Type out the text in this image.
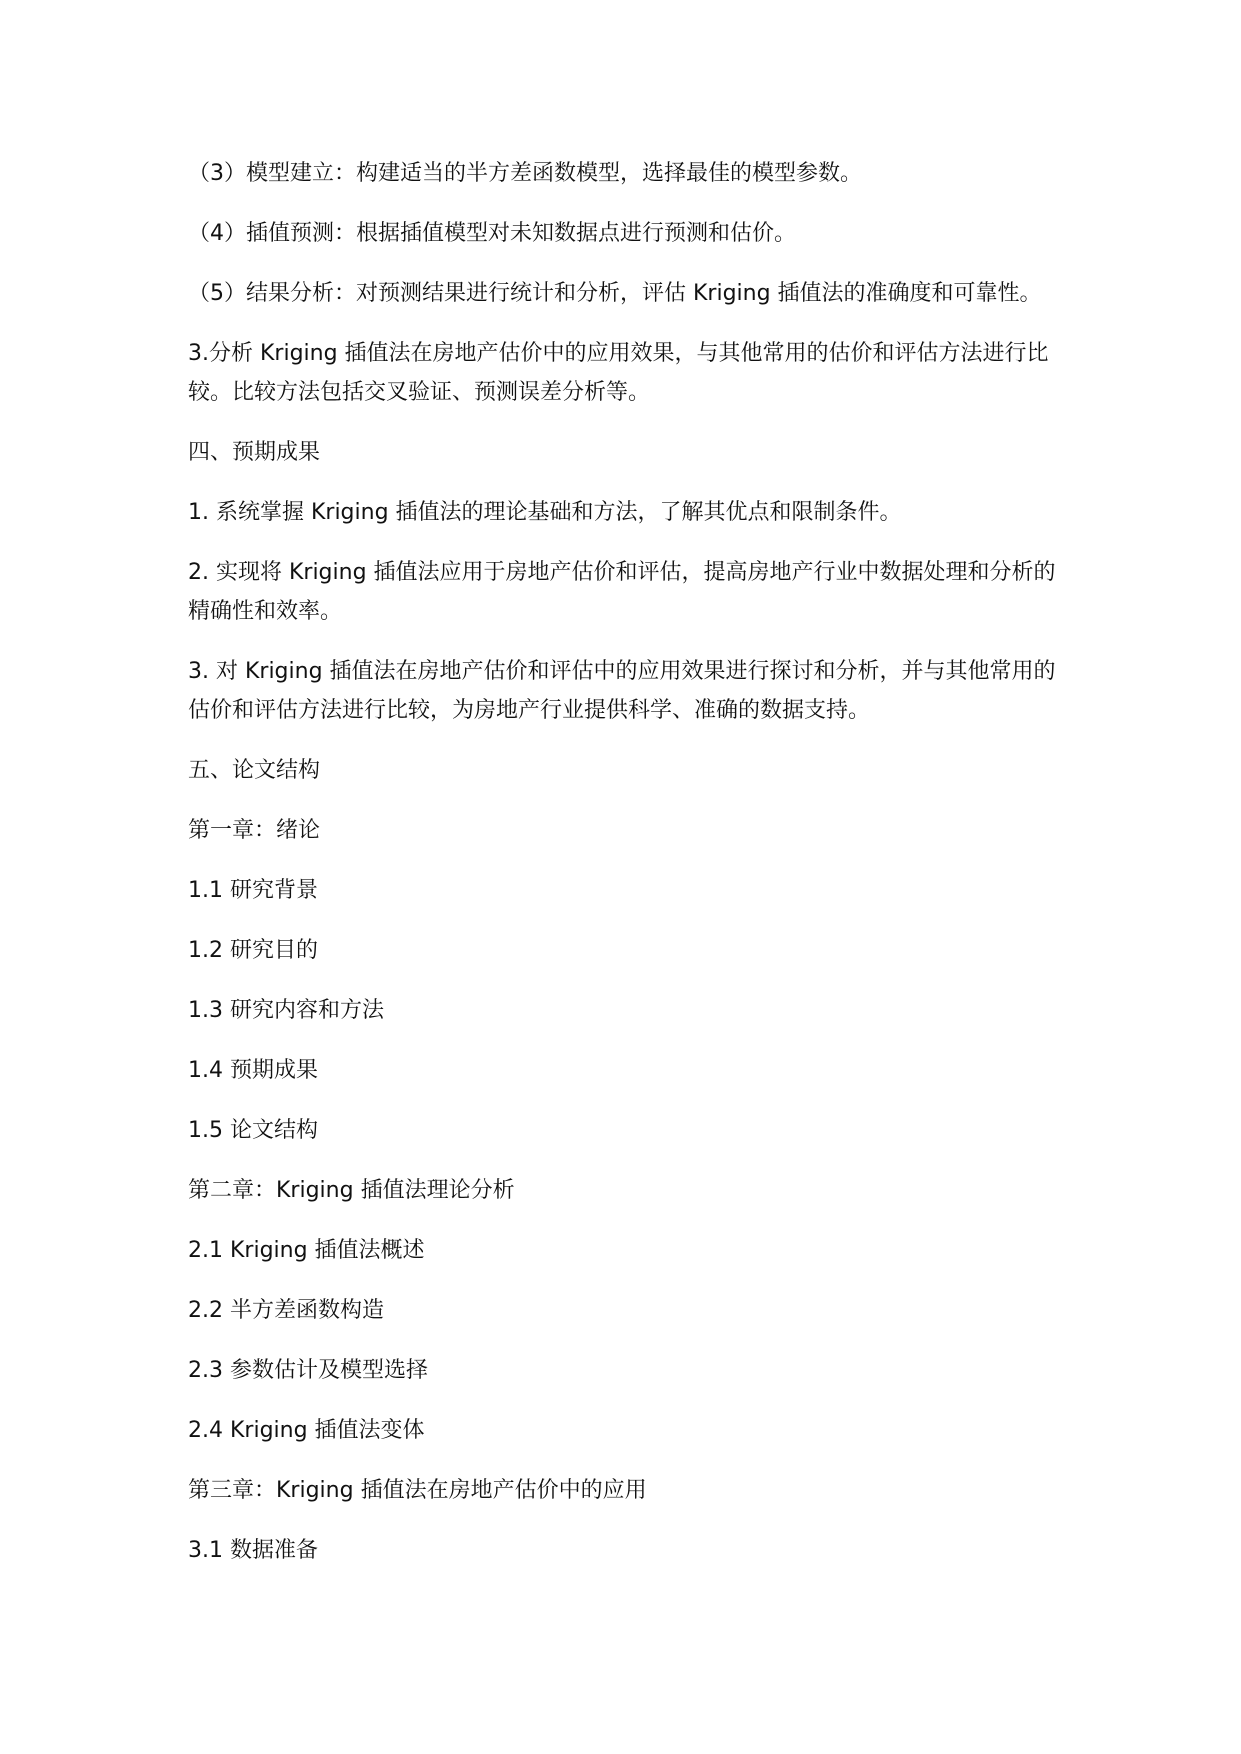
（3）模型建立：构建适当的半方差函数模型，选择最佳的模型参数。

（4）插值预测：根据插值模型对未知数据点进行预测和估价。

（5）结果分析：对预测结果进行统计和分析，评估 Kriging 插值法的准确度和可靠性。

3.分析 Kriging 插值法在房地产估价中的应用效果，与其他常用的估价和评估方法进行比较。比较方法包括交叉验证、预测误差分析等。

四、预期成果

1. 系统掌握 Kriging 插值法的理论基础和方法，了解其优点和限制条件。

2. 实现将 Kriging 插值法应用于房地产估价和评估，提高房地产行业中数据处理和分析的精确性和效率。

3. 对 Kriging 插值法在房地产估价和评估中的应用效果进行探讨和分析，并与其他常用的估价和评估方法进行比较，为房地产行业提供科学、准确的数据支持。

五、论文结构

第一章：绪论

1.1 研究背景

1.2 研究目的

1.3 研究内容和方法

1.4 预期成果

1.5 论文结构

第二章：Kriging 插值法理论分析

2.1 Kriging 插值法概述

2.2 半方差函数构造

2.3 参数估计及模型选择

2.4 Kriging 插值法变体

第三章：Kriging 插值法在房地产估价中的应用

3.1 数据准备
